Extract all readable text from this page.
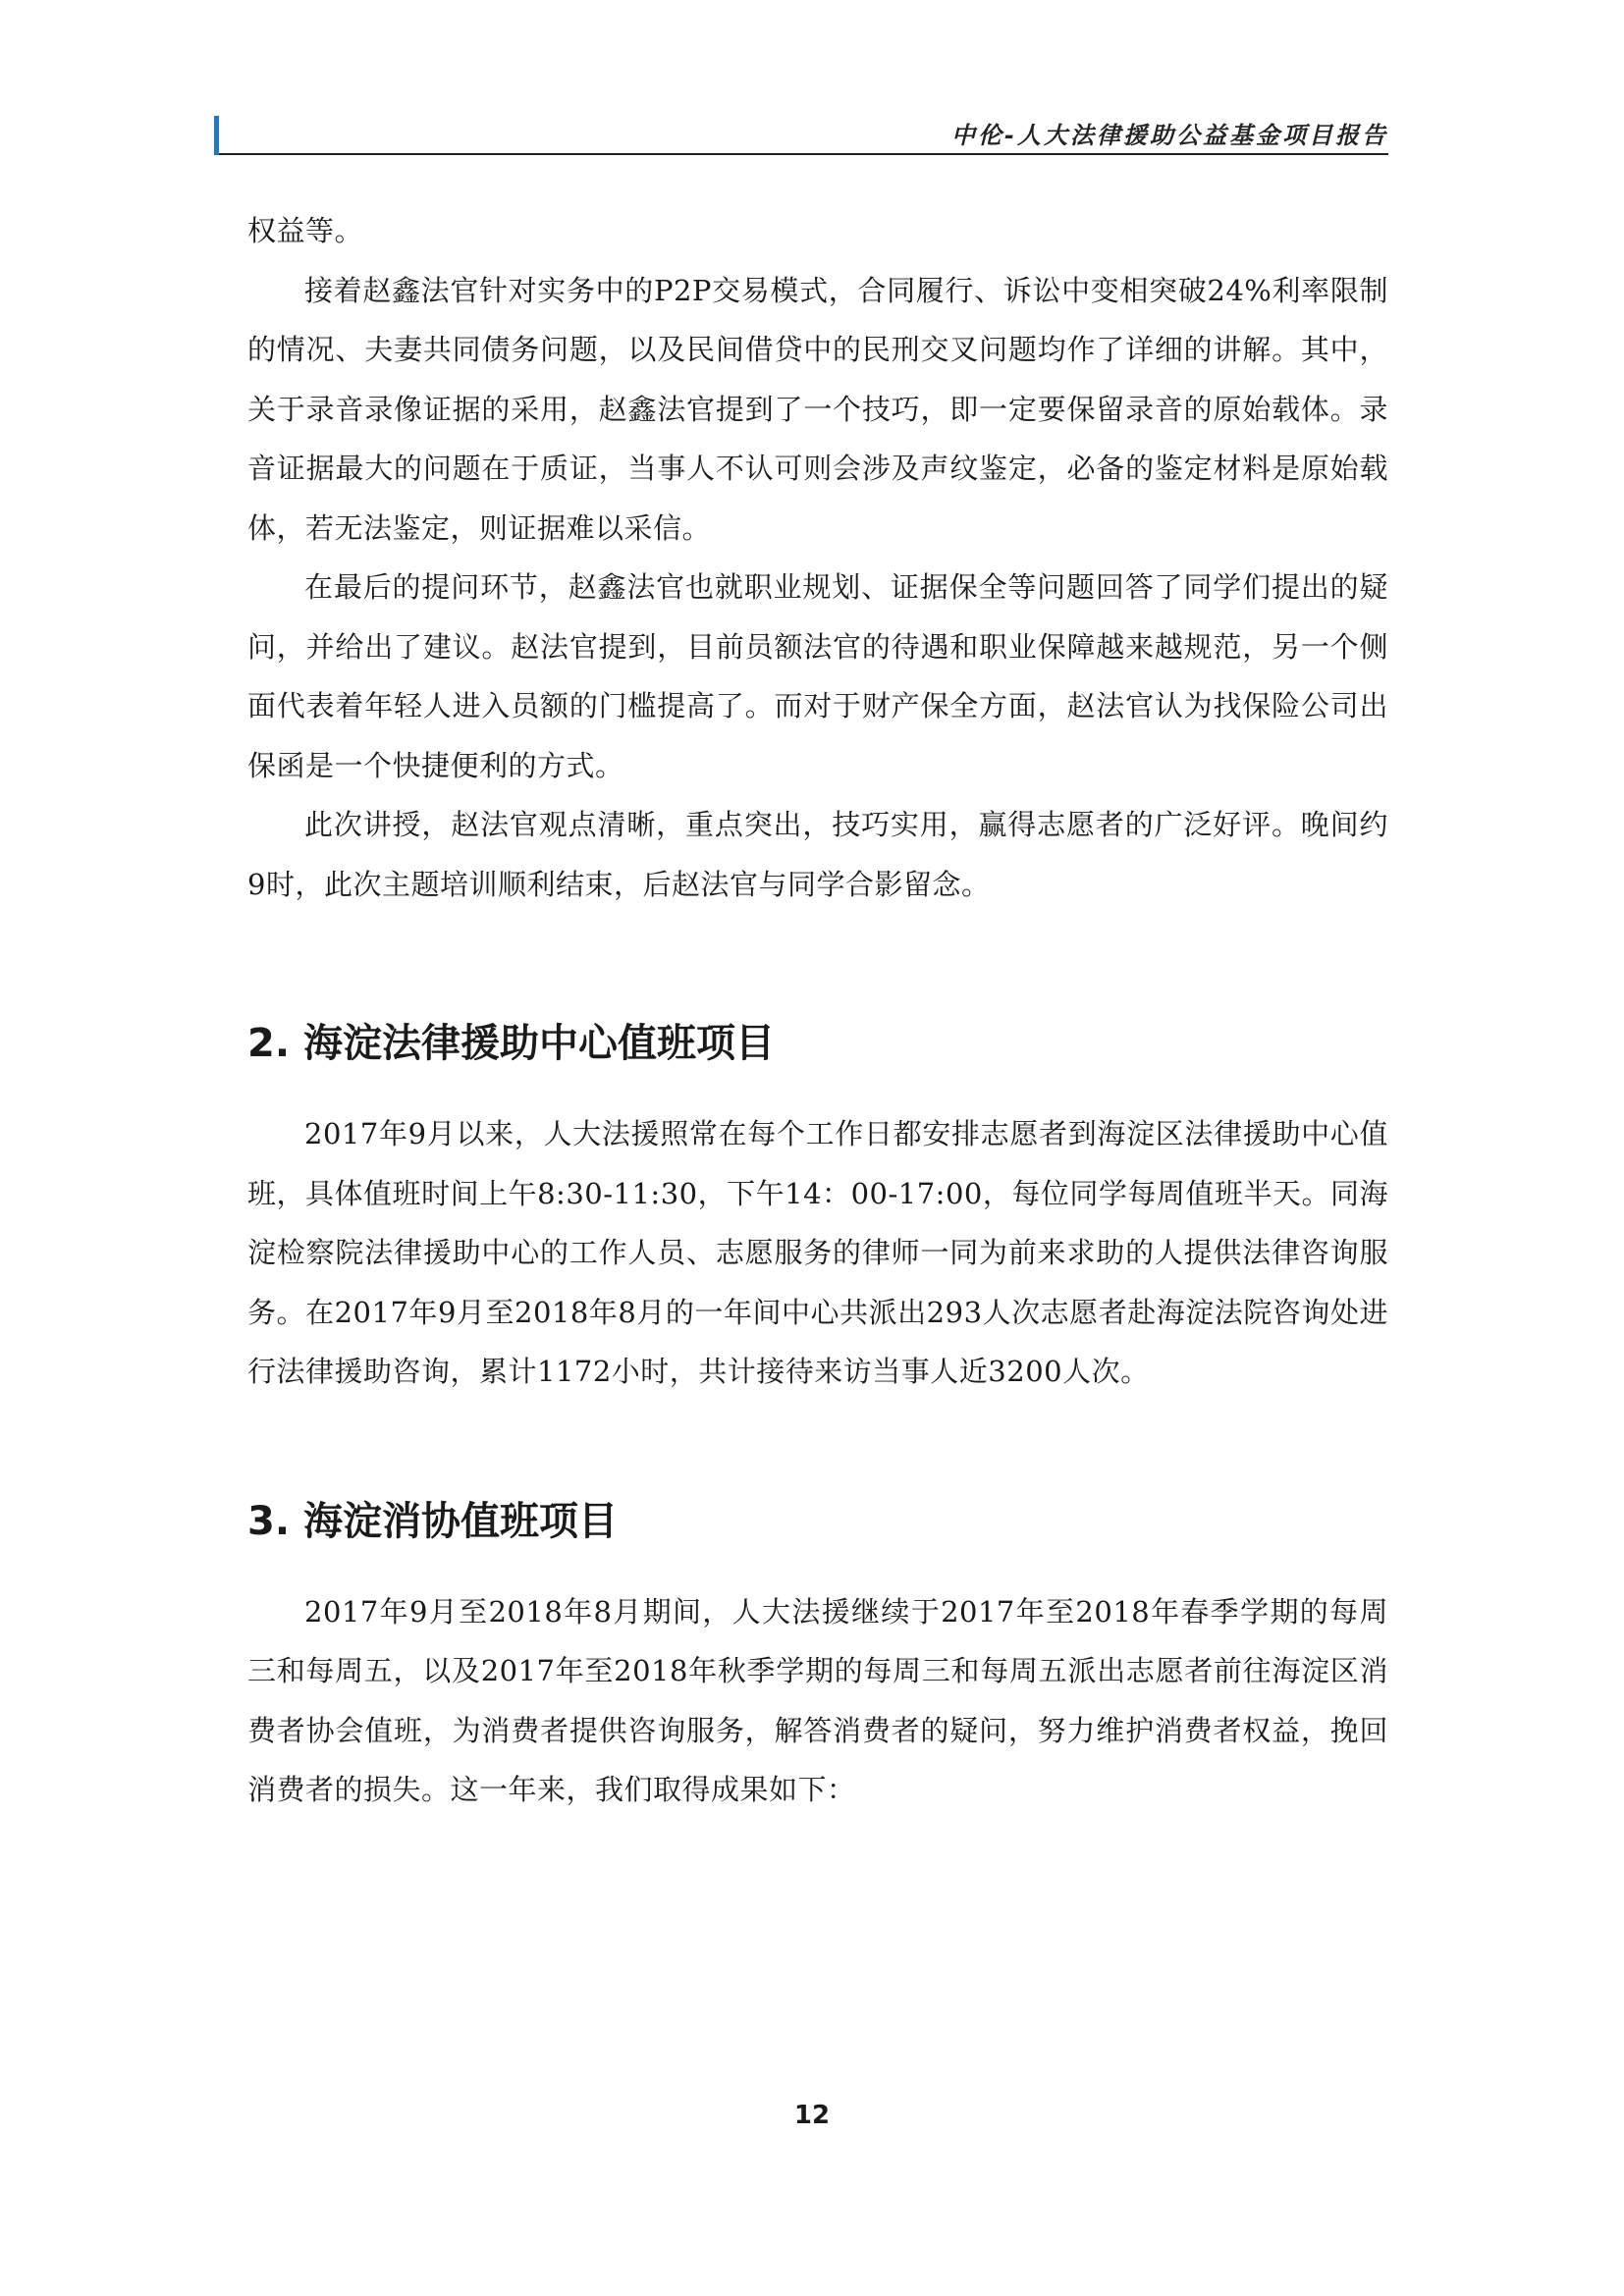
中伦-人大法律援助公益基金项目报告

权益等。

接着赵鑫法官针对实务中的P2P交易模式，合同履行、诉讼中变相突破24%利率限制的情况、夫妻共同债务问题，以及民间借贷中的民刑交叉问题均作了详细的讲解。其中，关于录音录像证据的采用，赵鑫法官提到了一个技巧，即一定要保留录音的原始载体。录音证据最大的问题在于质证，当事人不认可则会涉及声纹鉴定，必备的鉴定材料是原始载体，若无法鉴定，则证据难以采信。

在最后的提问环节，赵鑫法官也就职业规划、证据保全等问题回答了同学们提出的疑问，并给出了建议。赵法官提到，目前员额法官的待遇和职业保障越来越规范，另一个侧面代表着年轻人进入员额的门槛提高了。而对于财产保全方面，赵法官认为找保险公司出保函是一个快捷便利的方式。

此次讲授，赵法官观点清晰，重点突出，技巧实用，赢得志愿者的广泛好评。晚间约9时，此次主题培训顺利结束，后赵法官与同学合影留念。

2. 海淀法律援助中心值班项目

2017年9月以来，人大法援照常在每个工作日都安排志愿者到海淀区法律援助中心值班，具体值班时间上午8:30-11:30，下午14：00-17:00，每位同学每周值班半天。同海淀检察院法律援助中心的工作人员、志愿服务的律师一同为前来求助的人提供法律咨询服务。在2017年9月至2018年8月的一年间中心共派出293人次志愿者赴海淀法院咨询处进行法律援助咨询，累计1172小时，共计接待来访当事人近3200人次。

3. 海淀消协值班项目

2017年9月至2018年8月期间，人大法援继续于2017年至2018年春季学期的每周三和每周五，以及2017年至2018年秋季学期的每周三和每周五派出志愿者前往海淀区消费者协会值班，为消费者提供咨询服务，解答消费者的疑问，努力维护消费者权益，挽回消费者的损失。这一年来，我们取得成果如下：

12
